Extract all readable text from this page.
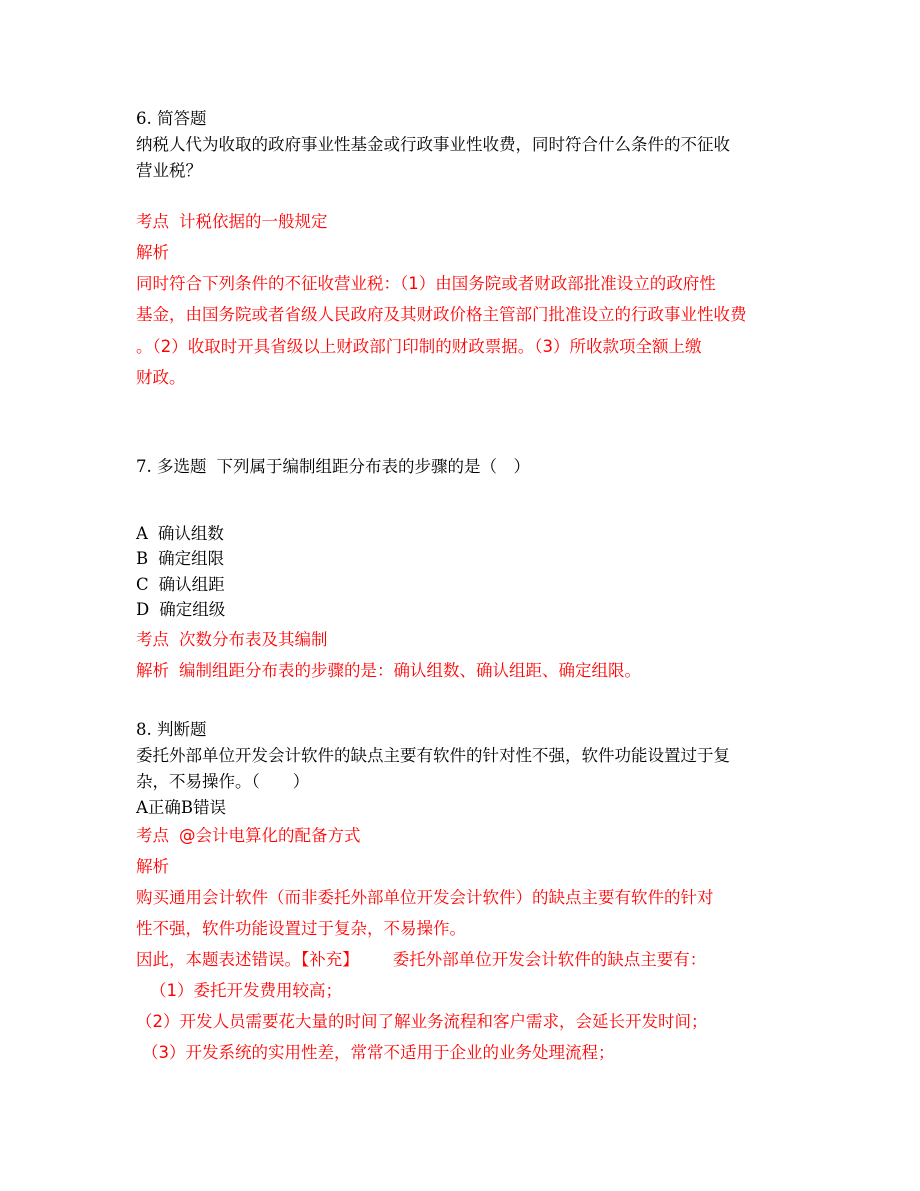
6. 简答题
纳税人代为收取的政府事业性基金或行政事业性收费，同时符合什么条件的不征收
营业税？
考点 计税依据的一般规定
解析
同时符合下列条件的不征收营业税：（1）由国务院或者财政部批准设立的政府性
基金，由国务院或者省级人民政府及其财政价格主管部门批准设立的行政事业性收费
。（2）收取时开具省级以上财政部门印制的财政票据。（3）所收款项全额上缴
财政。
7. 多选题 下列属于编制组距分布表的步骤的是（　）
A 确认组数
B 确定组限
C 确认组距
D 确定组级
考点 次数分布表及其编制
解析 编制组距分布表的步骤的是：确认组数、确认组距、确定组限。
8. 判断题
委托外部单位开发会计软件的缺点主要有软件的针对性不强，软件功能设置过于复
杂，不易操作。（　　）
A正确B错误
考点 @会计电算化的配备方式
解析
购买通用会计软件（而非委托外部单位开发会计软件）的缺点主要有软件的针对
性不强，软件功能设置过于复杂，不易操作。
因此，本题表述错误。【补充】 委托外部单位开发会计软件的缺点主要有：
（1）委托开发费用较高；
（2）开发人员需要花大量的时间了解业务流程和客户需求，会延长开发时间；
（3）开发系统的实用性差，常常不适用于企业的业务处理流程；
